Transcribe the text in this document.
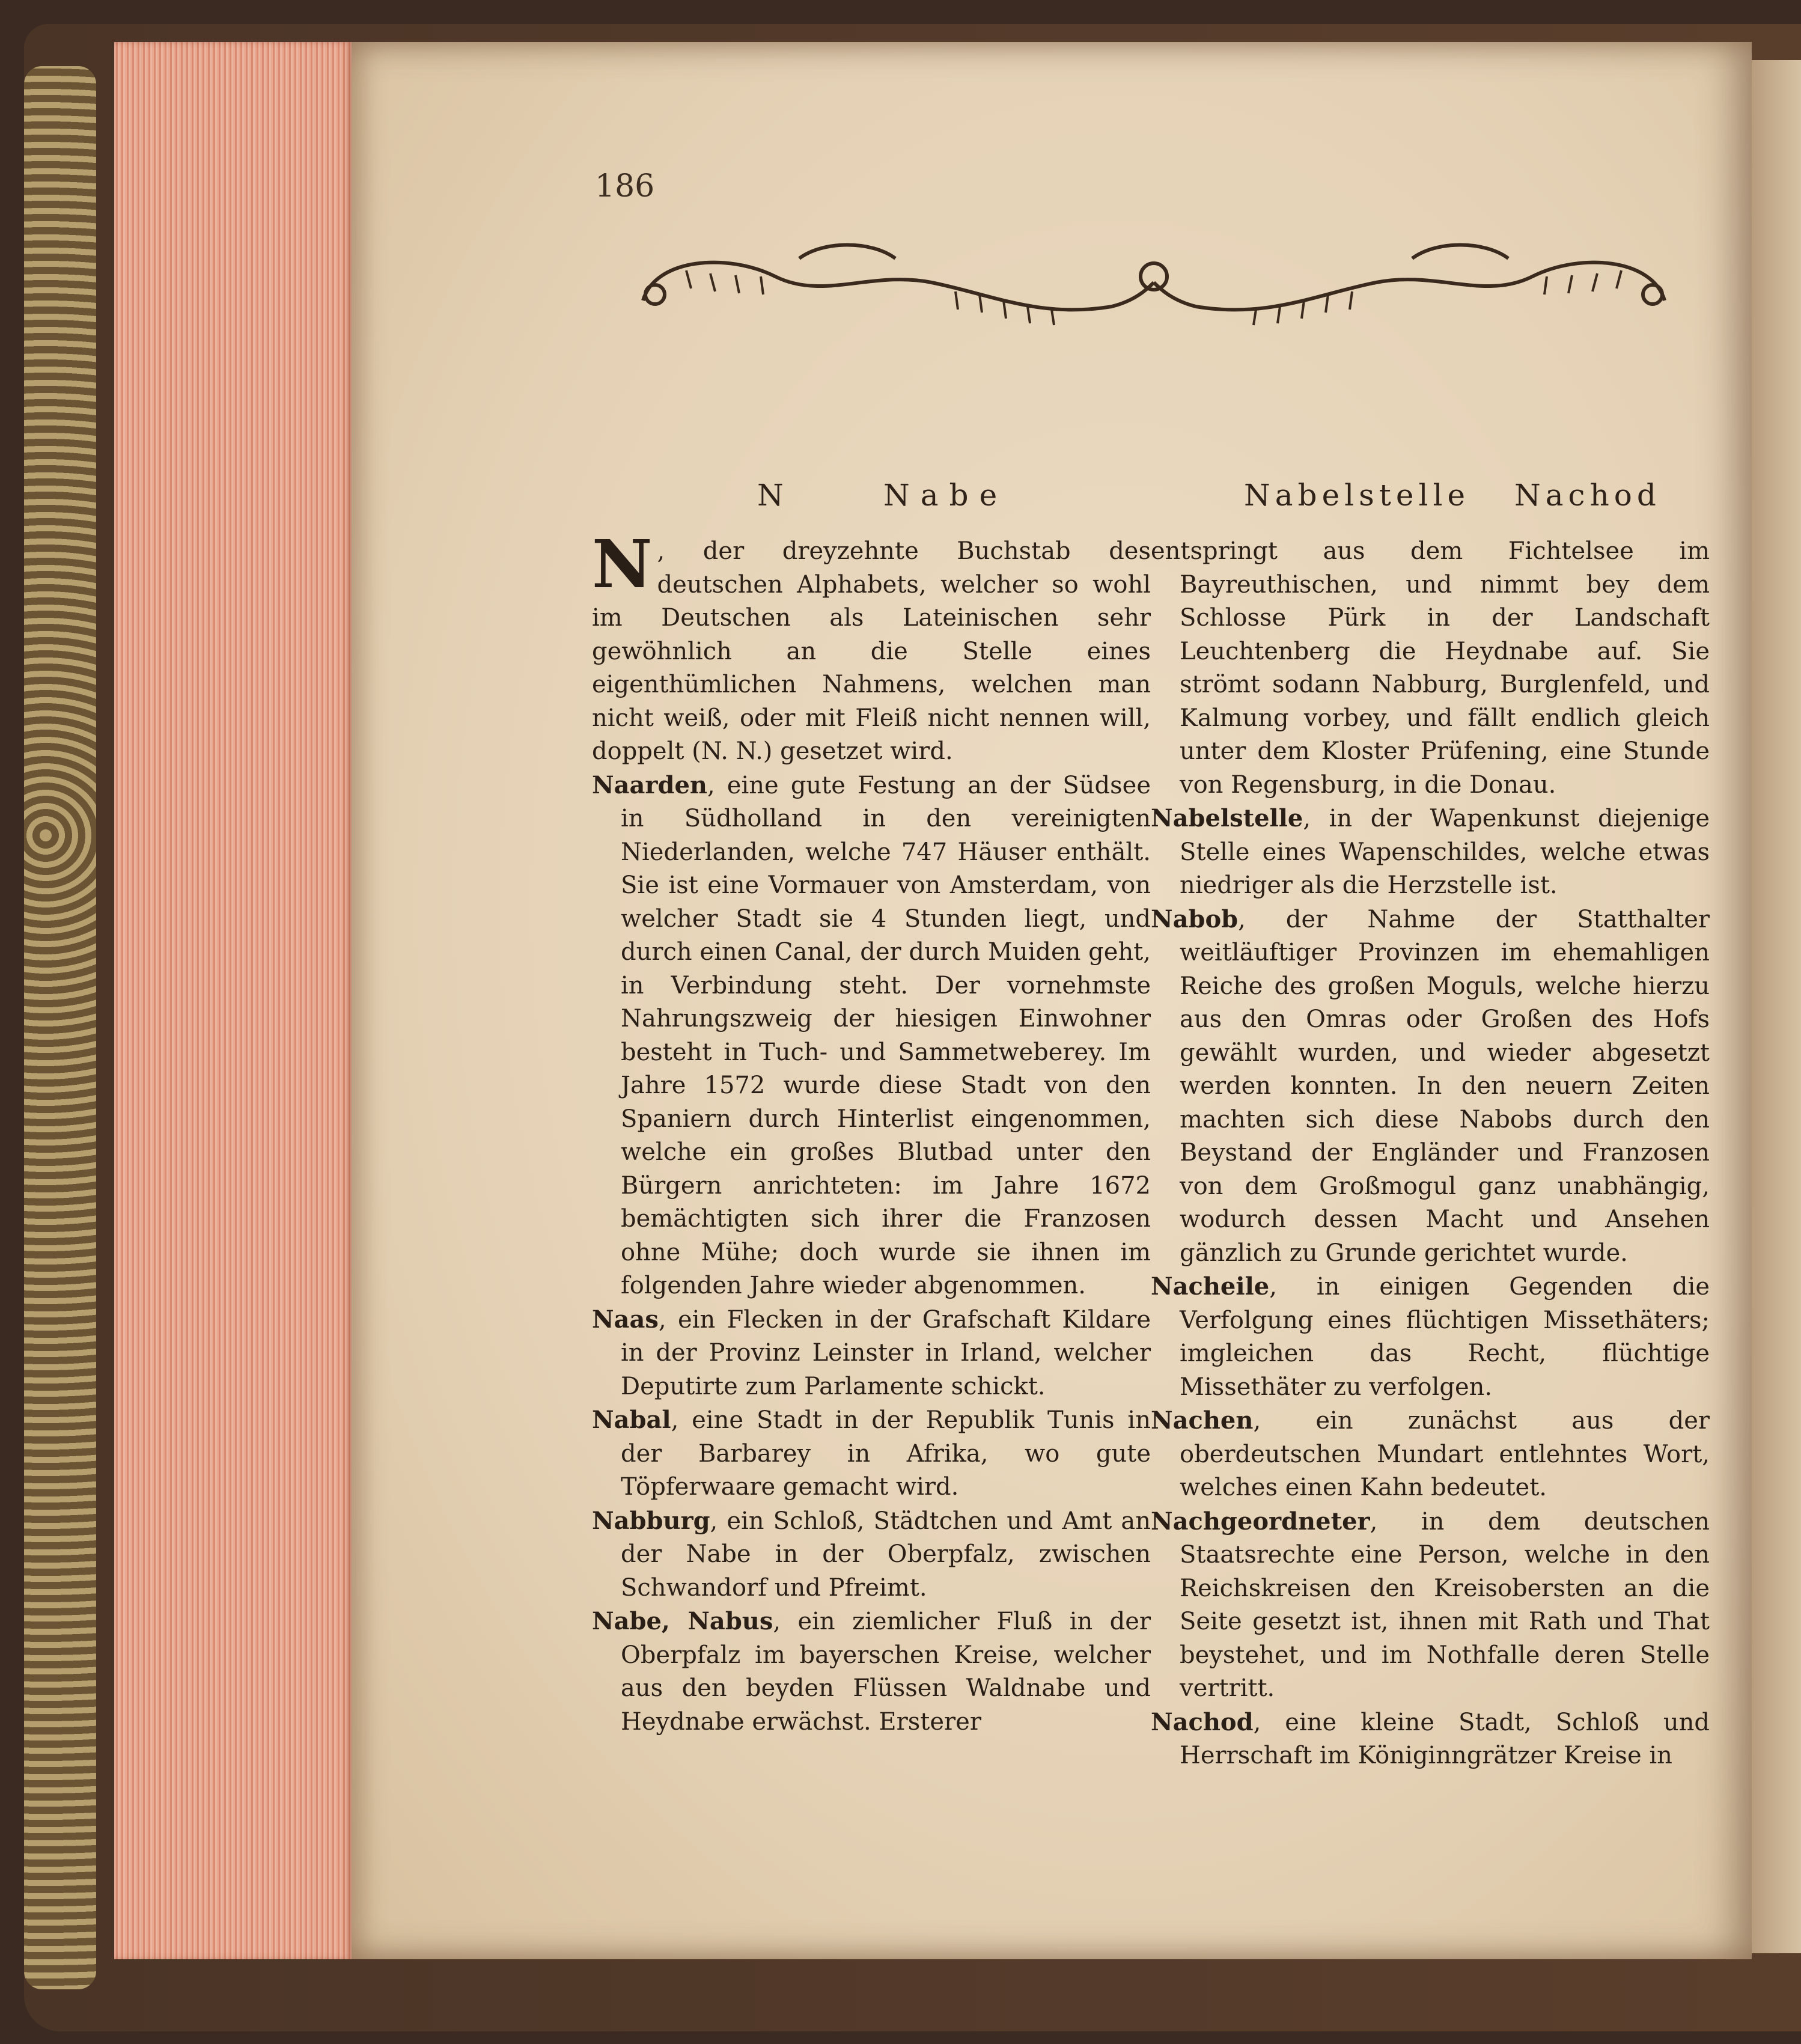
186
N	Nabe	Nabelstelle Nachod

N , der dreyzehnte Buchstab des deutschen Alphabets, welcher so wohl im Deutschen als Lateinischen sehr gewöhnlich an die Stelle eines eigenthümlichen Nahmens, welchen man nicht weiß, oder mit Fleiß nicht nennen will, doppelt (N. N.) gesetzet wird.

Naarden, eine gute Festung an der Südsee in Südholland in den vereinigten Niederlanden, welche 747 Häuser enthält. Sie ist eine Vormauer von Amsterdam, von welcher Stadt sie 4 Stunden liegt, und durch einen Canal, der durch Muiden geht, in Verbindung steht. Der vornehmste Nahrungszweig der hiesigen Einwohner besteht in Tuch- und Sammetweberey. Im Jahre 1572 wurde diese Stadt von den Spaniern durch Hinterlist eingenommen, welche ein großes Blutbad unter den Bürgern anrichteten: im Jahre 1672 bemächtigten sich ihrer die Franzosen ohne Mühe; doch wurde sie ihnen im folgenden Jahre wieder abgenommen.

Naas, ein Flecken in der Grafschaft Kildare in der Provinz Leinster in Irland, welcher Deputirte zum Parlamente schickt.

Nabal, eine Stadt in der Republik Tunis in der Barbarey in Afrika, wo gute Töpferwaare gemacht wird.

Nabburg, ein Schloß, Städtchen und Amt an der Nabe in der Oberpfalz, zwischen Schwandorf und Pfreimt.

Nabe, Nabus, ein ziemlicher Fluß in der Oberpfalz im bayerschen Kreise, welcher aus den beyden Flüssen Waldnabe und Heydnabe erwächst. Ersterer

entspringt aus dem Fichtelsee im Bayreuthischen, und nimmt bey dem Schlosse Pürk in der Landschaft Leuchtenberg die Heydnabe auf. Sie strömt sodann Nabburg, Burglenfeld, und Kalmung vorbey, und fällt endlich gleich unter dem Kloster Prüfening, eine Stunde von Regensburg, in die Donau.

Nabelstelle, in der Wapenkunst diejenige Stelle eines Wapenschildes, welche etwas niedriger als die Herzstelle ist.

Nabob, der Nahme der Statthalter weitläuftiger Provinzen im ehemahligen Reiche des großen Moguls, welche hierzu aus den Omras oder Großen des Hofs gewählt wurden, und wieder abgesetzt werden konnten. In den neuern Zeiten machten sich diese Nabobs durch den Beystand der Engländer und Franzosen von dem Großmogul ganz unabhängig, wodurch dessen Macht und Ansehen gänzlich zu Grunde gerichtet wurde.

Nacheile, in einigen Gegenden die Verfolgung eines flüchtigen Missethäters; imgleichen das Recht, flüchtige Missethäter zu verfolgen.

Nachen, ein zunächst aus der oberdeutschen Mundart entlehntes Wort, welches einen Kahn bedeutet.

Nachgeordneter, in dem deutschen Staatsrechte eine Person, welche in den Reichskreisen den Kreisobersten an die Seite gesetzt ist, ihnen mit Rath und That beystehet, und im Nothfalle deren Stelle vertritt.

Nachod, eine kleine Stadt, Schloß und Herrschaft im Königinngrätzer Kreise in
